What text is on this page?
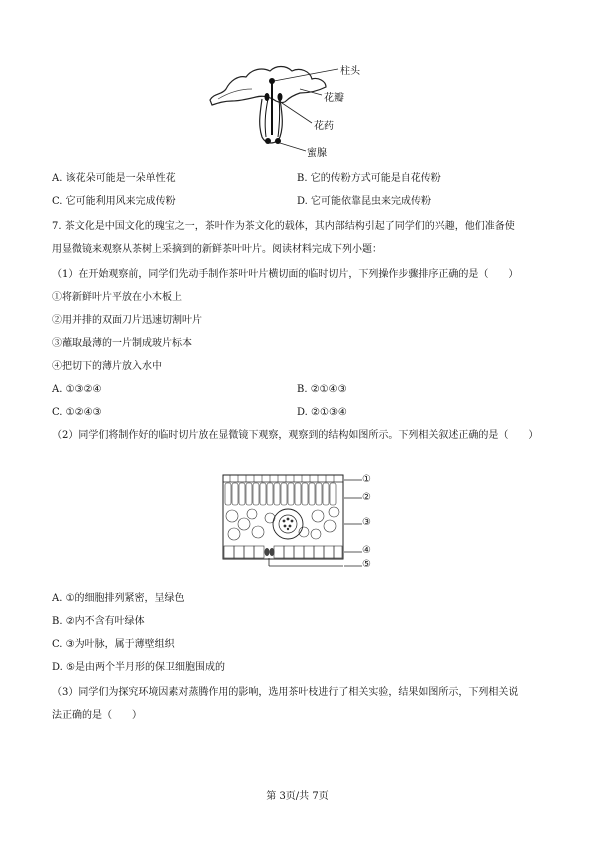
柱头
花瓣
花药
蜜腺
A. 该花朵可能是一朵单性花	B. 它的传粉方式可能是自花传粉
C. 它可能利用风来完成传粉	D. 它可能依靠昆虫来完成传粉
7. 茶文化是中国文化的瑰宝之一，茶叶作为茶文化的载体，其内部结构引起了同学们的兴趣，他们准备使
用显微镜来观察从茶树上采摘到的新鲜茶叶叶片。阅读材料完成下列小题：
（1）在开始观察前，同学们先动手制作茶叶叶片横切面的临时切片，下列操作步骤排序正确的是（　　）
①将新鲜叶片平放在小木板上
②用并排的双面刀片迅速切割叶片
③蘸取最薄的一片制成玻片标本
④把切下的薄片放入水中
A. ①③②④	B. ②①④③
C. ①②④③	D. ②①③④
（2）同学们将制作好的临时切片放在显微镜下观察，观察到的结构如图所示。下列相关叙述正确的是（　　）
①
②
③
④
⑤
A. ①的细胞排列紧密，呈绿色
B. ②内不含有叶绿体
C. ③为叶脉，属于薄壁组织
D. ⑤是由两个半月形的保卫细胞围成的
（3）同学们为探究环境因素对蒸腾作用的影响，选用茶叶枝进行了相关实验，结果如图所示，下列相关说
法正确的是（　　）
第 3页/共 7页
